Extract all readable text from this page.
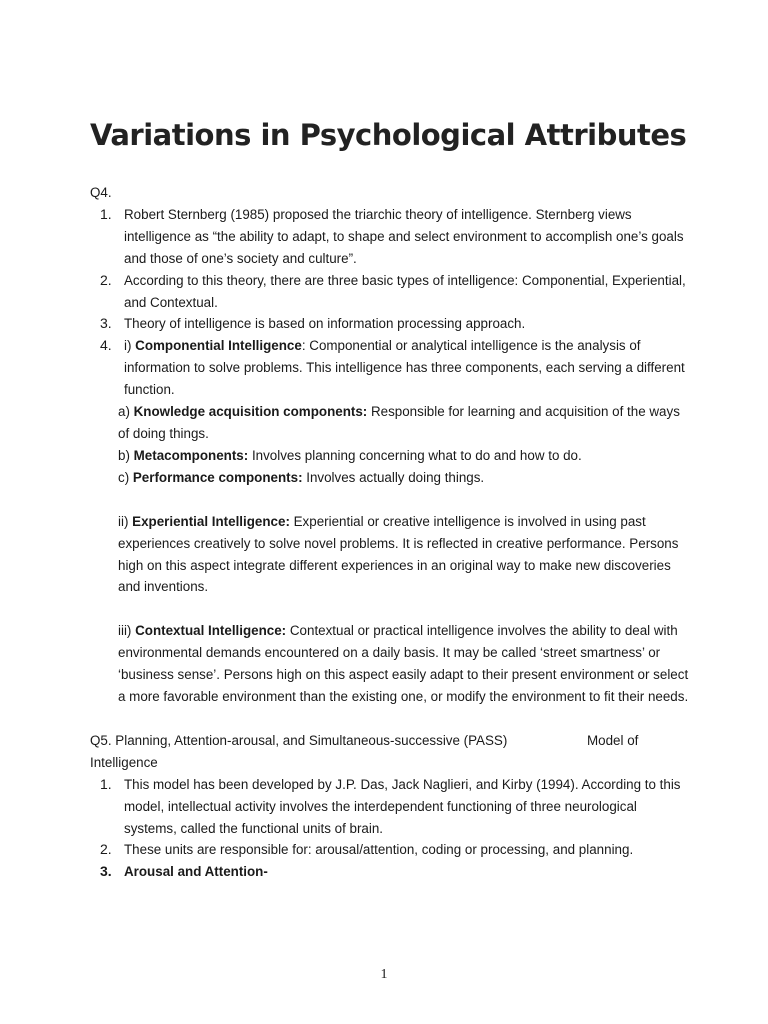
Variations in Psychological Attributes

Q4.

1. Robert Sternberg (1985) proposed the triarchic theory of intelligence. Sternberg views intelligence as “the ability to adapt, to shape and select environment to accomplish one’s goals and those of one’s society and culture”.
2. According to this theory, there are three basic types of intelligence: Componential, Experiential, and Contextual.
3. Theory of intelligence is based on information processing approach.
4. i) Componential Intelligence: Componential or analytical intelligence is the analysis of information to solve problems. This intelligence has three components, each serving a different function.

a) Knowledge acquisition components: Responsible for learning and acquisition of the ways of doing things.

b) Metacomponents: Involves planning concerning what to do and how to do.

c) Performance components: Involves actually doing things.

ii) Experiential Intelligence: Experiential or creative intelligence is involved in using past experiences creatively to solve novel problems. It is reflected in creative performance. Persons high on this aspect integrate different experiences in an original way to make new discoveries and inventions.

iii) Contextual Intelligence: Contextual or practical intelligence involves the ability to deal with environmental demands encountered on a daily basis. It may be called ‘street smartness’ or ‘business sense’. Persons high on this aspect easily adapt to their present environment or select a more favorable environment than the existing one, or modify the environment to fit their needs.

Q5. Planning, Attention-arousal, and Simultaneous-successive (PASS)	Model of

Intelligence

1. This model has been developed by J.P. Das, Jack Naglieri, and Kirby (1994). According to this model, intellectual activity involves the interdependent functioning of three neurological systems, called the functional units of brain.
2. These units are responsible for: arousal/attention, coding or processing, and planning.
3. Arousal and Attention-
1
